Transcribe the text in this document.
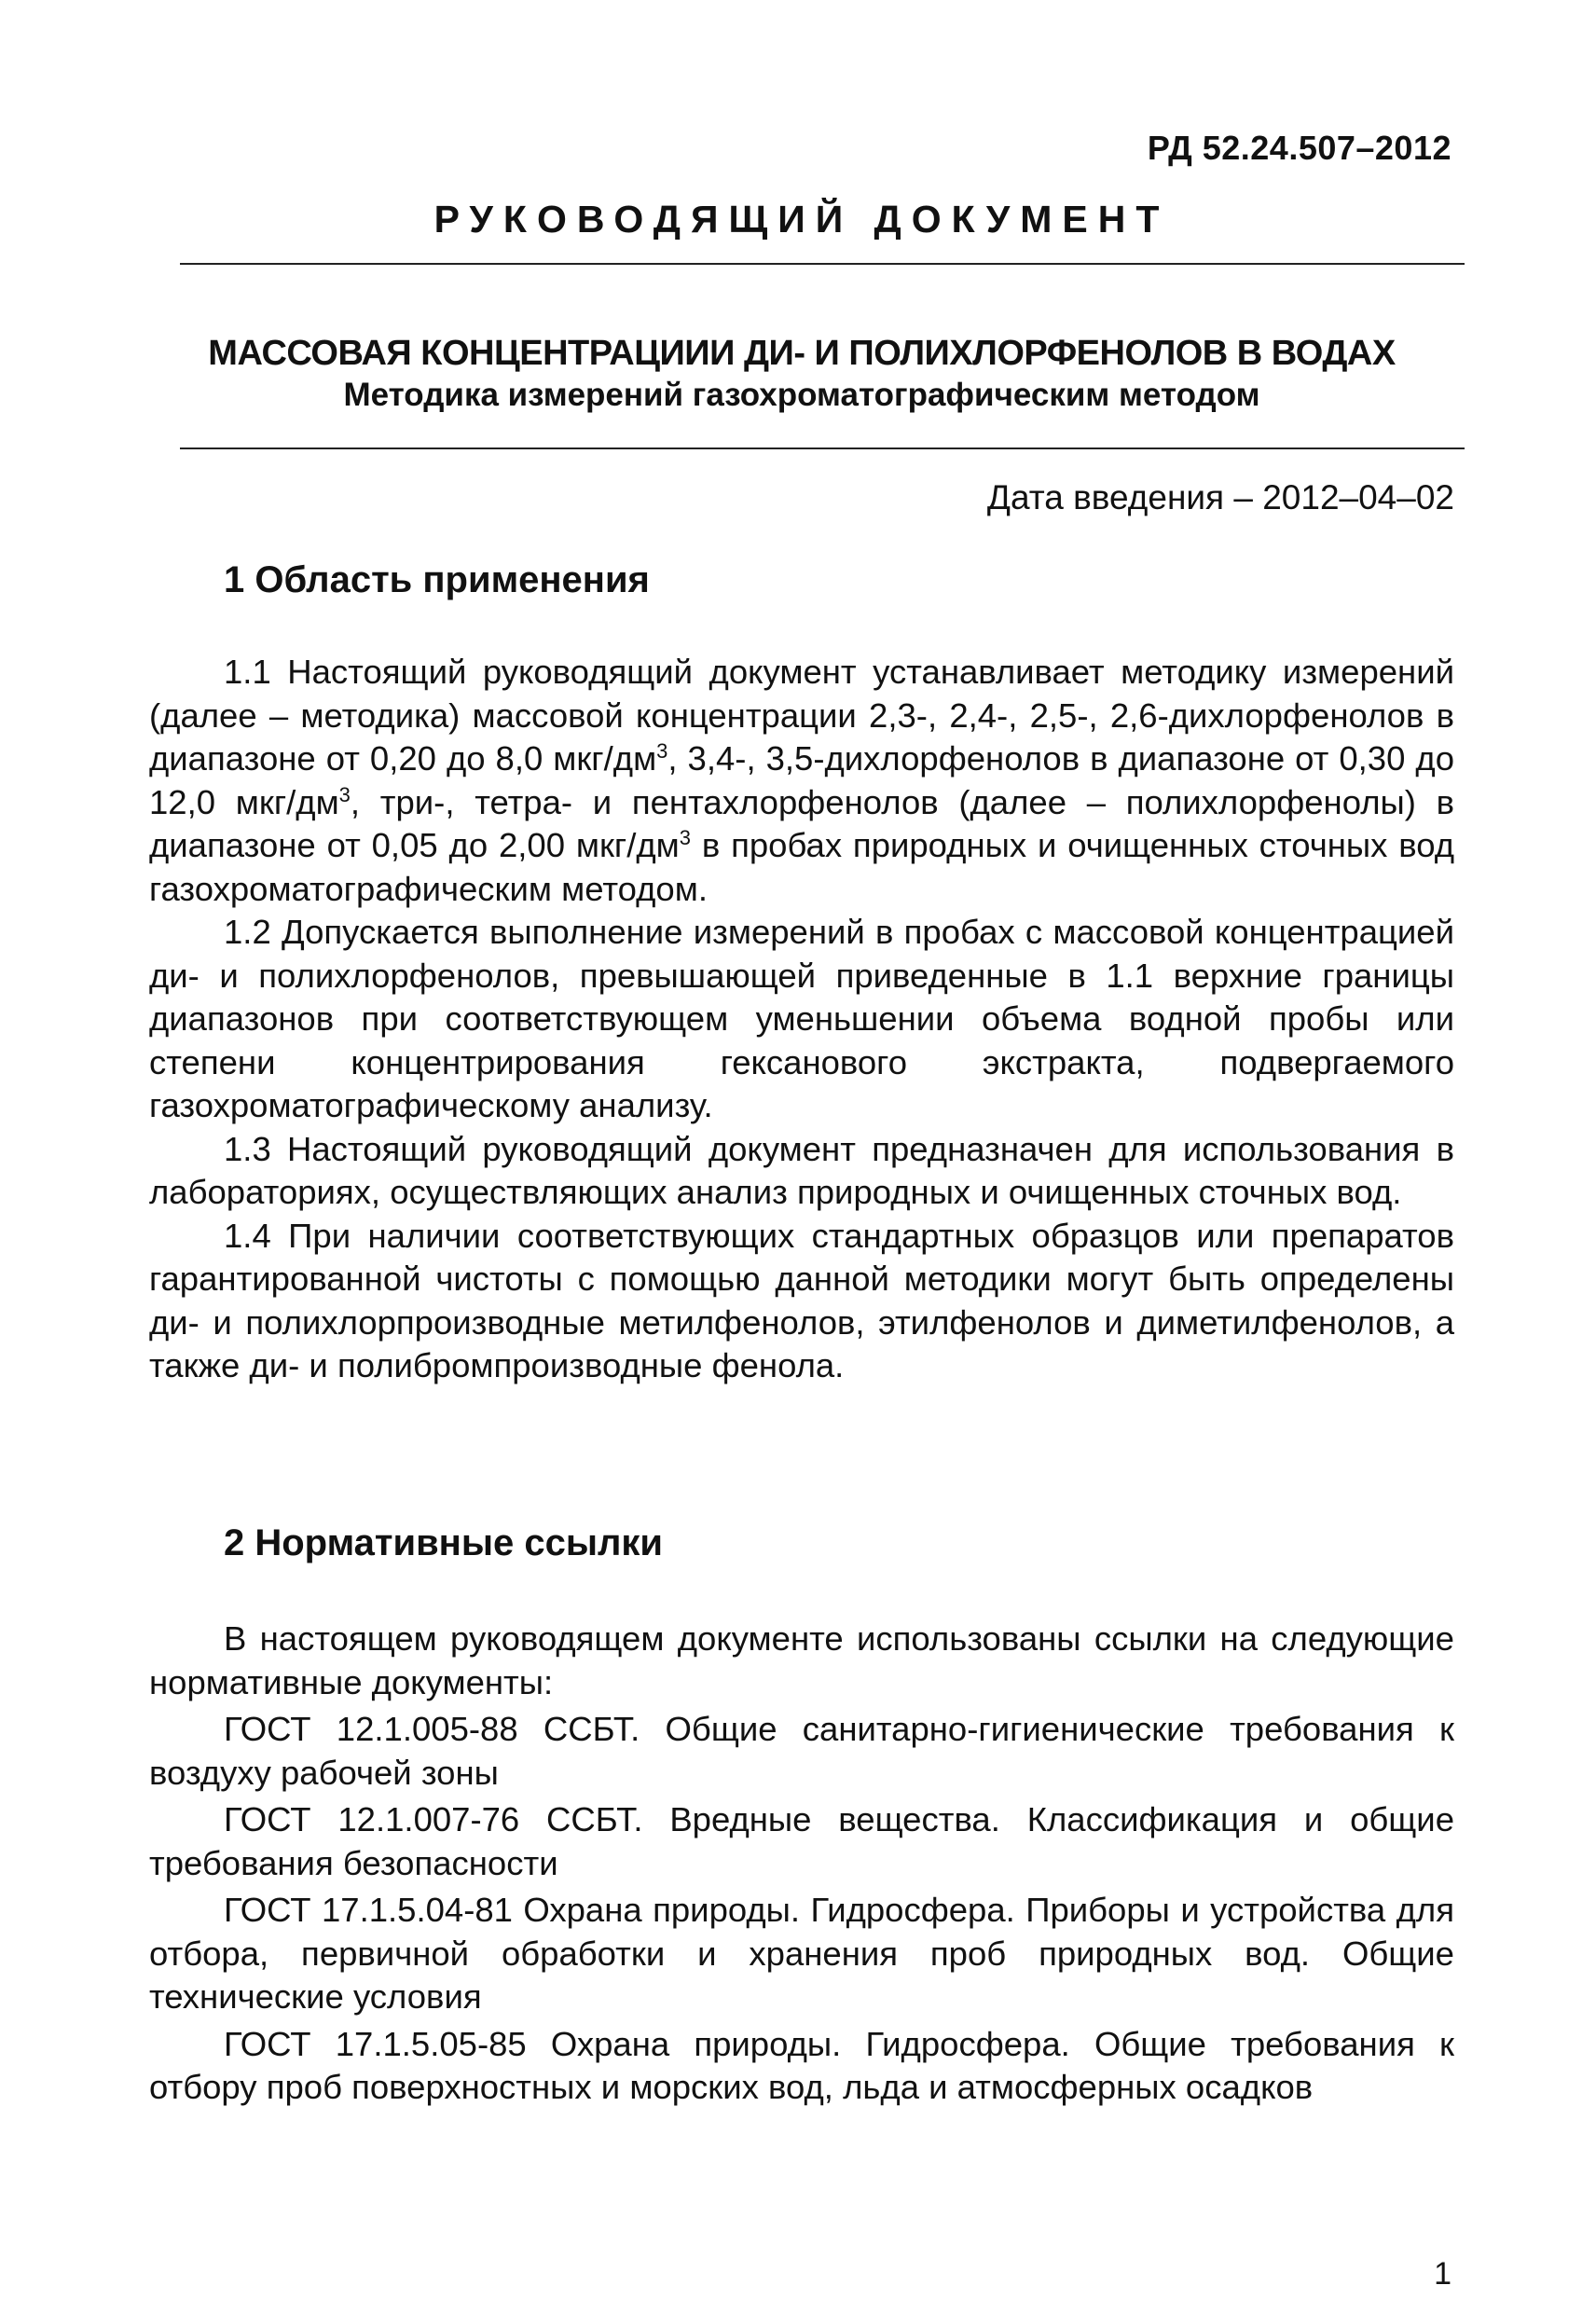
РД 52.24.507–2012
РУКОВОДЯЩИЙ ДОКУМЕНТ
МАССОВАЯ КОНЦЕНТРАЦИИИ ДИ- И ПОЛИХЛОРФЕНОЛОВ В ВОДАХ
Методика измерений газохроматографическим методом
Дата введения – 2012–04–02
1 Область применения

1.1 Настоящий руководящий документ устанавливает методику измерений (далее – методика) массовой концентрации 2,3-, 2,4-, 2,5-, 2,6-дихлорфенолов в диапазоне от 0,20 до 8,0 мкг/$дм^3$, 3,4-, 3,5-дихлорфенолов в диапазоне от 0,30 до 12,0 мкг/$дм^3$, три-, тетра- и пентахлорфенолов (далее – полихлорфенолы) в диапазоне от 0,05 до 2,00 мкг/$дм^3$ в пробах природных и очищенных сточных вод газохроматографическим методом.

1.2 Допускается выполнение измерений в пробах с массовой концентрацией ди- и полихлорфенолов, превышающей приведенные в 1.1 верхние границы диапазонов при соответствующем уменьшении объема водной пробы или степени концентрирования гексанового экстракта, подвергаемого газохроматографическому анализу.

1.3 Настоящий руководящий документ предназначен для использования в лабораториях, осуществляющих анализ природных и очищенных сточных вод.

1.4 При наличии соответствующих стандартных образцов или препаратов гарантированной чистоты с помощью данной методики могут быть определены ди- и полихлорпроизводные метилфенолов, этилфенолов и диметилфенолов, а также ди- и полибромпроизводные фенола.

2 Нормативные ссылки

В настоящем руководящем документе использованы ссылки на следующие нормативные документы:

ГОСТ 12.1.005-88 ССБТ. Общие санитарно-гигиенические требования к воздуху рабочей зоны

ГОСТ 12.1.007-76 ССБТ. Вредные вещества. Классификация и общие требования безопасности

ГОСТ 17.1.5.04-81 Охрана природы. Гидросфера. Приборы и устройства для отбора, первичной обработки и хранения проб природных вод. Общие технические условия

ГОСТ 17.1.5.05-85 Охрана природы. Гидросфера. Общие требования к отбору проб поверхностных и морских вод, льда и атмосферных осадков

1
